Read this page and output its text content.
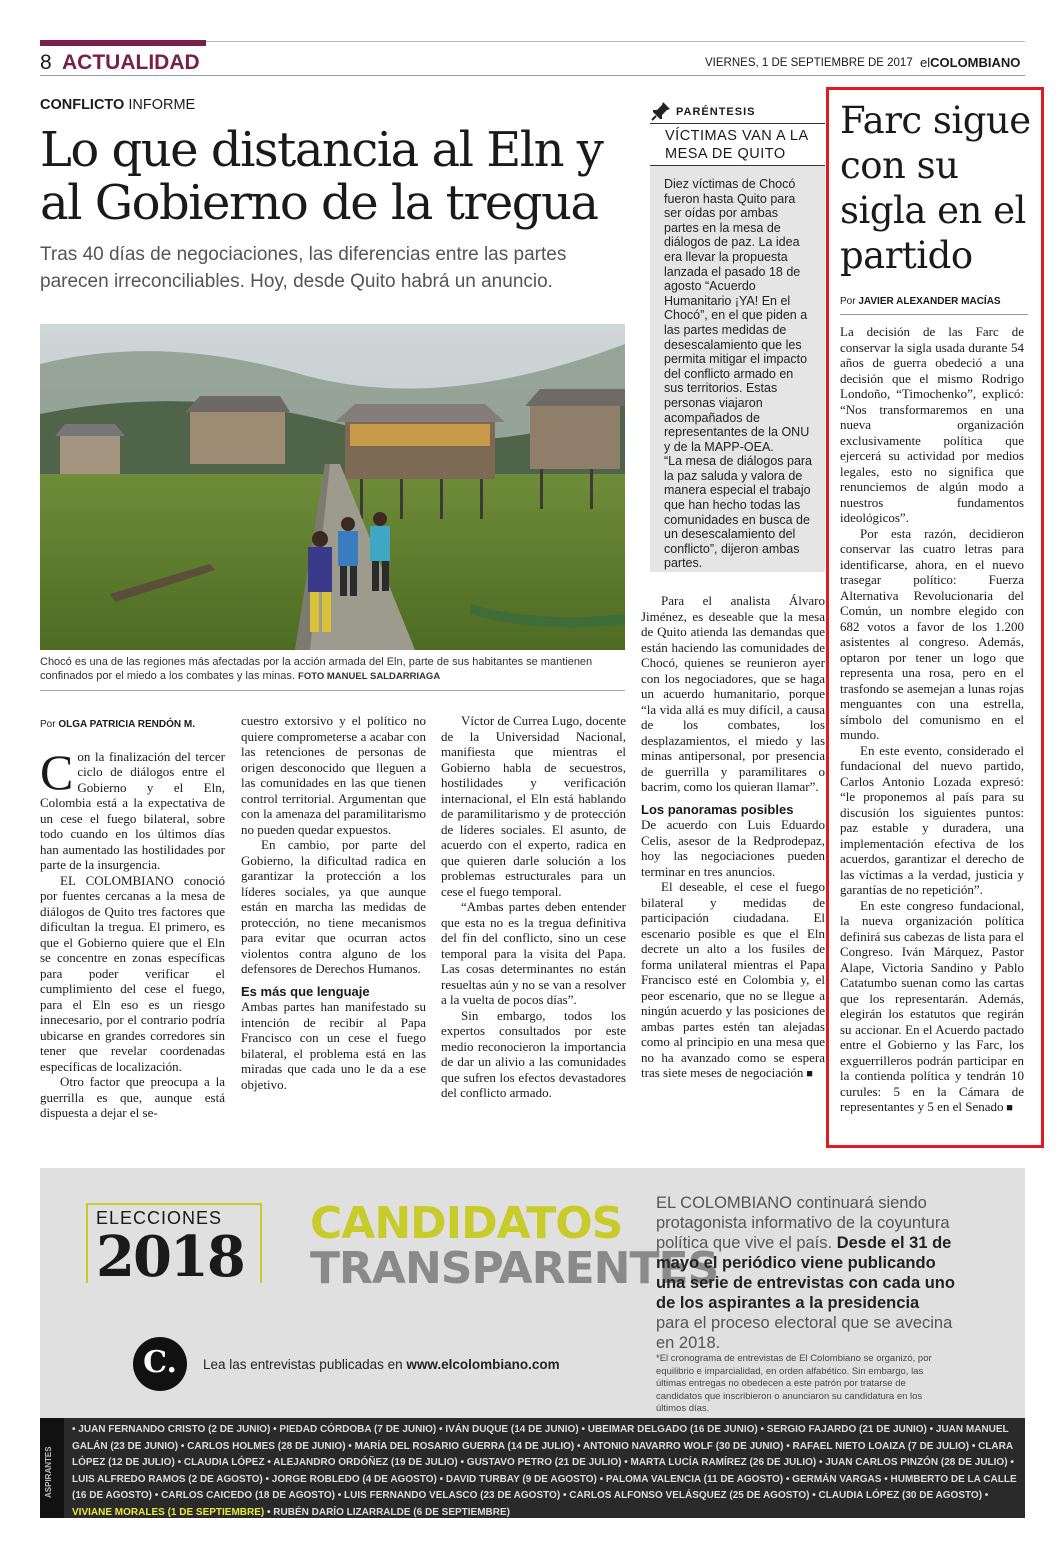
8 ACTUALIDAD	VIERNES, 1 DE SEPTIEMBRE DE 2017 elCOLOMBIANO
CONFLICTO INFORME
Lo que distancia al Eln y al Gobierno de la tregua
Tras 40 días de negociaciones, las diferencias entre las partes parecen irreconciliables. Hoy, desde Quito habrá un anuncio.
Chocó es una de las regiones más afectadas por la acción armada del Eln, parte de sus habitantes se mantienen confinados por el miedo a los combates y las minas. FOTO MANUEL SALDARRIAGA
Por OLGA PATRICIA RENDÓN M.

Con la finalización del tercer ciclo de diálogos entre el Gobierno y el Eln, Colombia está a la expectativa de un cese el fuego bilateral, sobre todo cuando en los últimos días han aumentado las hostilidades por parte de la insurgencia.

EL COLOMBIANO conoció por fuentes cercanas a la mesa de diálogos de Quito tres factores que dificultan la tregua. El primero, es que el Gobierno quiere que el Eln se concentre en zonas específicas para poder verificar el cumplimiento del cese el fuego, para el Eln eso es un riesgo innecesario, por el contrario podría ubicarse en grandes corredores sin tener que revelar coordenadas específicas de localización.

Otro factor que preocupa a la guerrilla es que, aunque está dispuesta a dejar el se-

cuestro extorsivo y el político no quiere comprometerse a acabar con las retenciones de personas de origen desconocido que lleguen a las comunidades en las que tienen control territorial. Argumentan que con la amenaza del paramilitarismo no pueden quedar expuestos.

En cambio, por parte del Gobierno, la dificultad radica en garantizar la protección a los líderes sociales, ya que aunque están en marcha las medidas de protección, no tiene mecanismos para evitar que ocurran actos violentos contra alguno de los defensores de Derechos Humanos.

Es más que lenguaje

Ambas partes han manifestado su intención de recibir al Papa Francisco con un cese el fuego bilateral, el problema está en las miradas que cada uno le da a ese objetivo.

Víctor de Currea Lugo, docente de la Universidad Nacional, manifiesta que mientras el Gobierno habla de secuestros, hostilidades y verificación internacional, el Eln está hablando de paramilitarismo y de protección de líderes sociales. El asunto, de acuerdo con el experto, radica en que quieren darle solución a los problemas estructurales para un cese el fuego temporal.

“Ambas partes deben entender que esta no es la tregua definitiva del fin del conflicto, sino un cese temporal para la visita del Papa. Las cosas determinantes no están resueltas aún y no se van a resolver a la vuelta de pocos días”.

Sin embargo, todos los expertos consultados por este medio reconocieron la importancia de dar un alivio a las comunidades que sufren los efectos devastadores del conflicto armado.

PARÉNTESIS
VÍCTIMAS VAN A LA MESA DE QUITO
Diez víctimas de Chocó fueron hasta Quito para ser oídas por ambas partes en la mesa de diálogos de paz. La idea era llevar la propuesta lanzada el pasado 18 de agosto “Acuerdo Humanitario ¡YA! En el Chocó”, en el que piden a las partes medidas de desescalamiento que les permita mitigar el impacto del conflicto armado en sus territorios. Estas personas viajaron acompañados de representantes de la ONU y de la MAPP-OEA.
“La mesa de diálogos para la paz saluda y valora de manera especial el trabajo que han hecho todas las comunidades en busca de un desescalamiento del conflicto”, dijeron ambas partes.

Para el analista Álvaro Jiménez, es deseable que la mesa de Quito atienda las demandas que están haciendo las comunidades de Chocó, quienes se reunieron ayer con los negociadores, que se haga un acuerdo humanitario, porque “la vida allá es muy difícil, a causa de los combates, los desplazamientos, el miedo y las minas antipersonal, por presencia de guerrilla y paramilitares o bacrim, como los quieran llamar”.

Los panoramas posibles

De acuerdo con Luis Eduardo Celis, asesor de la Redprodepaz, hoy las negociaciones pueden terminar en tres anuncios.

El deseable, el cese el fuego bilateral y medidas de participación ciudadana. El escenario posible es que el Eln decrete un alto a los fusiles de forma unilateral mientras el Papa Francisco esté en Colombia y, el peor escenario, que no se llegue a ningún acuerdo y las posiciones de ambas partes estén tan alejadas como al principio en una mesa que no ha avanzado como se espera tras siete meses de negociación ■

Farc sigue con su sigla en el partido
Por JAVIER ALEXANDER MACÍAS

La decisión de las Farc de conservar la sigla usada durante 54 años de guerra obedeció a una decisión que el mismo Rodrigo Londoño, “Timochenko”, explicó: “Nos transformaremos en una nueva organización exclusivamente política que ejercerá su actividad por medios legales, esto no significa que renunciemos de algún modo a nuestros fundamentos ideológicos”.

Por esta razón, decidieron conservar las cuatro letras para identificarse, ahora, en el nuevo trasegar político: Fuerza Alternativa Revolucionaria del Común, un nombre elegido con 682 votos a favor de los 1.200 asistentes al congreso. Además, optaron por tener un logo que representa una rosa, pero en el trasfondo se asemejan a lunas rojas menguantes con una estrella, símbolo del comunismo en el mundo.

En este evento, considerado el fundacional del nuevo partido, Carlos Antonio Lozada expresó: “le proponemos al país para su discusión los siguientes puntos: paz estable y duradera, una implementación efectiva de los acuerdos, garantizar el derecho de las víctimas a la verdad, justicia y garantías de no repetición”.

En este congreso fundacional, la nueva organización política definirá sus cabezas de lista para el Congreso. Iván Márquez, Pastor Alape, Victoria Sandino y Pablo Catatumbo suenan como las cartas que los representarán. Además, elegirán los estatutos que regirán su accionar. En el Acuerdo pactado entre el Gobierno y las Farc, los exguerrilleros podrán participar en la contienda política y tendrán 10 curules: 5 en la Cámara de representantes y 5 en el Senado ■

ELECCIONES
2018
CANDIDATOS
TRANSPARENTES
EL COLOMBIANO continuará siendo protagonista informativo de la coyuntura política que vive el país. Desde el 31 de mayo el periódico viene publicando una serie de entrevistas con cada uno de los aspirantes a la presidencia para el proceso electoral que se avecina en 2018.
C.	Lea las entrevistas publicadas en www.elcolombiano.com	*El cronograma de entrevistas de El Colombiano se organizó, por equilibrio e imparcialidad, en orden alfabético. Sin embargo, las últimas entregas no obedecen a este patrón por tratarse de candidatos que inscribieron o anunciaron su candidatura en los últimos días.
ASPIRANTES
• JUAN FERNANDO CRISTO (2 DE JUNIO) • PIEDAD CÓRDOBA (7 DE JUNIO) • IVÁN DUQUE (14 DE JUNIO) • UBEIMAR DELGADO (16 DE JUNIO) • SERGIO FAJARDO (21 DE JUNIO) • JUAN MANUEL GALÁN (23 DE JUNIO) • CARLOS HOLMES (28 DE JUNIO) • MARÍA DEL ROSARIO GUERRA (14 DE JULIO) • ANTONIO NAVARRO WOLF (30 DE JUNIO) • RAFAEL NIETO LOAIZA (7 DE JULIO) • CLARA LÓPEZ (12 DE JULIO) • CLAUDIA LÓPEZ • ALEJANDRO ORDÓÑEZ (19 DE JULIO) • GUSTAVO PETRO (21 DE JULIO) • MARTA LUCÍA RAMÍREZ (26 DE JULIO) • JUAN CARLOS PINZÓN (28 DE JULIO) • LUIS ALFREDO RAMOS (2 DE AGOSTO) • JORGE ROBLEDO (4 DE AGOSTO) • DAVID TURBAY (9 DE AGOSTO) • PALOMA VALENCIA (11 DE AGOSTO) • GERMÁN VARGAS • HUMBERTO DE LA CALLE (16 DE AGOSTO) • CARLOS CAICEDO (18 DE AGOSTO) • LUIS FERNANDO VELASCO (23 DE AGOSTO) • CARLOS ALFONSO VELÁSQUEZ (25 DE AGOSTO) • CLAUDIA LÓPEZ (30 DE AGOSTO) • VIVIANE MORALES (1 DE SEPTIEMBRE) • RUBÉN DARÍO LIZARRALDE (6 DE SEPTIEMBRE)
